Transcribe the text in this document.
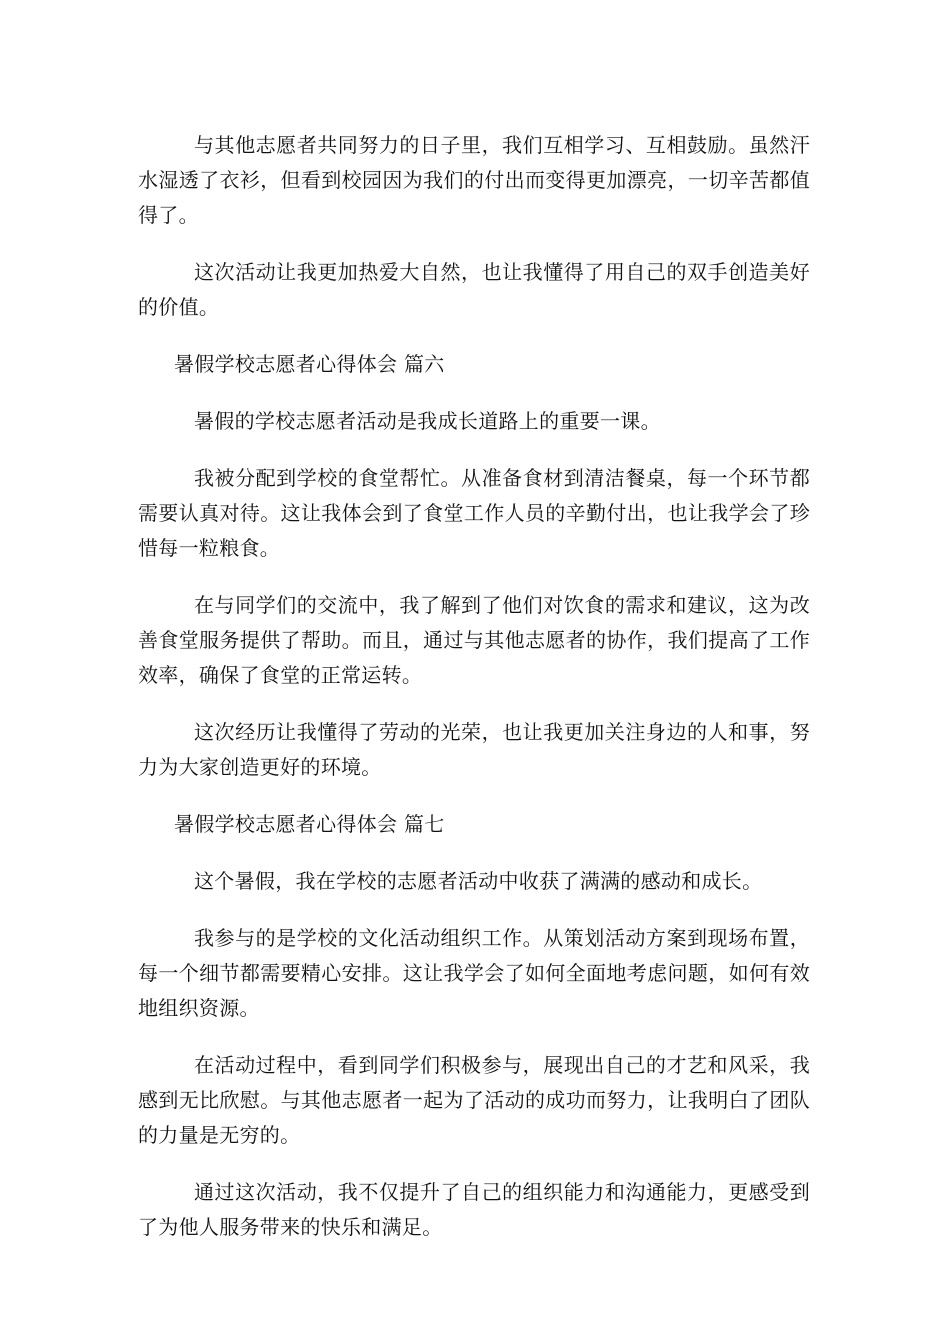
与其他志愿者共同努力的日子里，我们互相学习、互相鼓励。虽然汗水湿透了衣衫，但看到校园因为我们的付出而变得更加漂亮，一切辛苦都值得了。

这次活动让我更加热爱大自然，也让我懂得了用自己的双手创造美好的价值。

暑假学校志愿者心得体会 篇六

暑假的学校志愿者活动是我成长道路上的重要一课。

我被分配到学校的食堂帮忙。从准备食材到清洁餐桌，每一个环节都需要认真对待。这让我体会到了食堂工作人员的辛勤付出，也让我学会了珍惜每一粒粮食。

在与同学们的交流中，我了解到了他们对饮食的需求和建议，这为改善食堂服务提供了帮助。而且，通过与其他志愿者的协作，我们提高了工作效率，确保了食堂的正常运转。

这次经历让我懂得了劳动的光荣，也让我更加关注身边的人和事，努力为大家创造更好的环境。

暑假学校志愿者心得体会 篇七

这个暑假，我在学校的志愿者活动中收获了满满的感动和成长。

我参与的是学校的文化活动组织工作。从策划活动方案到现场布置，每一个细节都需要精心安排。这让我学会了如何全面地考虑问题，如何有效地组织资源。

在活动过程中，看到同学们积极参与，展现出自己的才艺和风采，我感到无比欣慰。与其他志愿者一起为了活动的成功而努力，让我明白了团队的力量是无穷的。

通过这次活动，我不仅提升了自己的组织能力和沟通能力，更感受到了为他人服务带来的快乐和满足。
